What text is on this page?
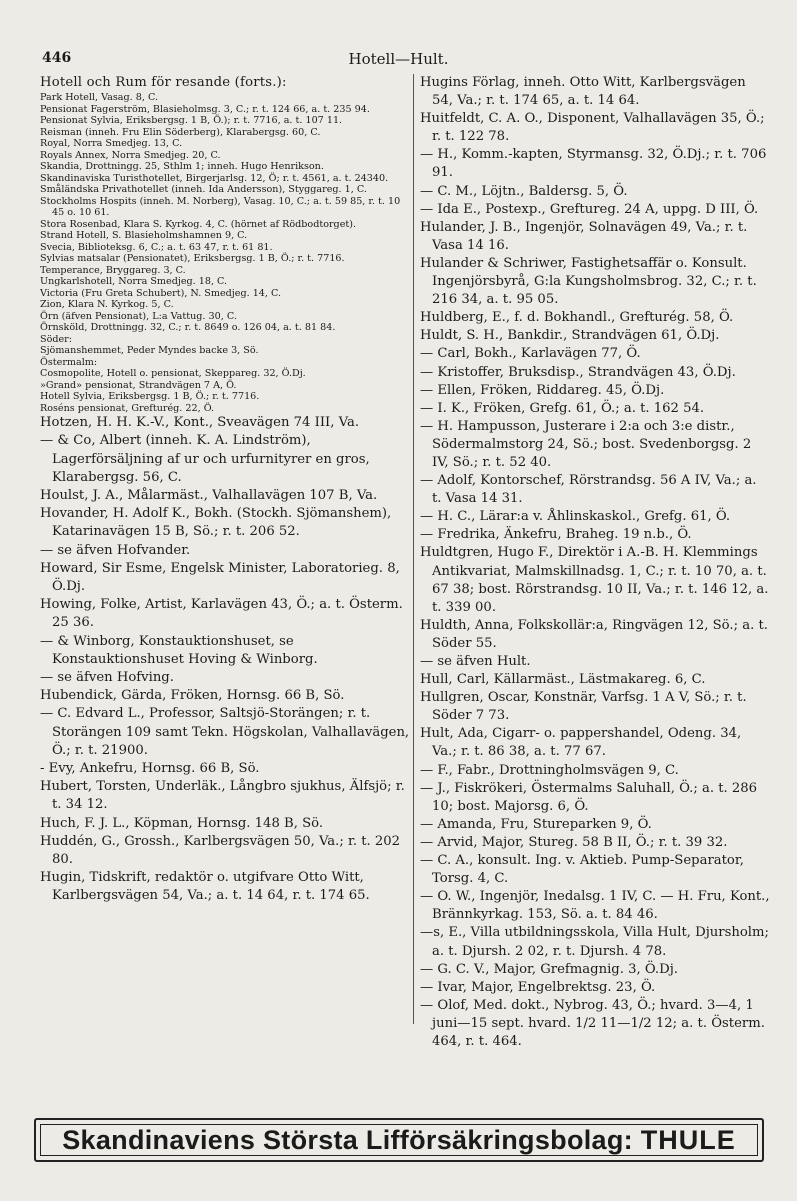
446	Hotell—Hult.

Hotell och Rum för resande (forts.):

Park Hotell, Vasag. 8, C.

Pensionat Fagerström, Blasieholmsg. 3, C.; r. t. 124 66, a. t. 235 94.

Pensionat Sylvia, Eriksbergsg. 1 B, Ö.); r. t. 7716, a. t. 107 11.

Reisman (inneh. Fru Elin Söderberg), Klarabergsg. 60, C.

Royal, Norra Smedjeg. 13, C.

Royals Annex, Norra Smedjeg. 20, C.

Skandia, Drottningg. 25, Sthlm 1; inneh. Hugo Henrikson.

Skandinaviska Turisthotellet, Birgerjarlsg. 12, Ö; r. t. 4561, a. t. 24340.

Småländska Privathotellet (inneh. Ida Andersson), Styggareg. 1, C.

Stockholms Hospits (inneh. M. Norberg), Vasag. 10, C.; a. t. 59 85, r. t. 10 45 o. 10 61.

Stora Rosenbad, Klara S. Kyrkog. 4, C. (hörnet af Rödbodtorget).

Strand Hotell, S. Blasieholmshamnen 9, C.

Svecia, Biblioteksg. 6, C.; a. t. 63 47, r. t. 61 81.

Sylvias matsalar (Pensionatet), Eriksbergsg. 1 B, Ö.; r. t. 7716.

Temperance, Bryggareg. 3, C.

Ungkarlshotell, Norra Smedjeg. 18, C.

Victoria (Fru Greta Schubert), N. Smedjeg. 14, C.

Zion, Klara N. Kyrkog. 5, C.

Örn (äfven Pensionat), L:a Vattug. 30, C.

Örnsköld, Drottningg. 32, C.; r. t. 8649 o. 126 04, a. t. 81 84.

Söder:

Sjömanshemmet, Peder Myndes backe 3, Sö.

Östermalm:

Cosmopolite, Hotell o. pensionat, Skeppareg. 32, Ö.Dj.

»Grand» pensionat, Strandvägen 7 A, Ö.

Hotell Sylvia, Eriksbergsg. 1 B, Ö.; r. t. 7716.

Roséns pensionat, Grefturég. 22, Ö.

Hotzen, H. H. K.-V., Kont., Sveavägen 74 III, Va.

— & Co, Albert (inneh. K. A. Lindström), Lagerförsäljning af ur och urfurnityrer en gros, Klarabergsg. 56, C.

Houlst, J. A., Målarmäst., Valhallavägen 107 B, Va.

Hovander, H. Adolf K., Bokh. (Stockh. Sjömanshem), Katarinavägen 15 B, Sö.; r. t. 206 52.

— se äfven Hofvander.

Howard, Sir Esme, Engelsk Minister, Laboratorieg. 8, Ö.Dj.

Howing, Folke, Artist, Karlavägen 43, Ö.; a. t. Österm. 25 36.

— & Winborg, Konstauktionshuset, se Konstauktionshuset Hoving & Winborg.

— se äfven Hofving.

Hubendick, Gärda, Fröken, Hornsg. 66 B, Sö.

— C. Edvard L., Professor, Saltsjö-Storängen; r. t. Storängen 109 samt Tekn. Högskolan, Valhallavägen, Ö.; r. t. 21900.

- Evy, Ankefru, Hornsg. 66 B, Sö.

Hubert, Torsten, Underläk., Långbro sjukhus, Älfsjö; r. t. 34 12.

Huch, F. J. L., Köpman, Hornsg. 148 B, Sö.

Huddén, G., Grossh., Karlbergsvägen 50, Va.; r. t. 202 80.

Hugin, Tidskrift, redaktör o. utgifvare Otto Witt, Karlbergsvägen 54, Va.; a. t. 14 64, r. t. 174 65.

Hugins Förlag, inneh. Otto Witt, Karlbergsvägen 54, Va.; r. t. 174 65, a. t. 14 64.

Huitfeldt, C. A. O., Disponent, Valhallavägen 35, Ö.; r. t. 122 78.

— H., Komm.-kapten, Styrmansg. 32, Ö.Dj.; r. t. 706 91.

— C. M., Löjtn., Baldersg. 5, Ö.

— Ida E., Postexp., Greftureg. 24 A, uppg. D III, Ö.

Hulander, J. B., Ingenjör, Solnavägen 49, Va.; r. t. Vasa 14 16.

Hulander & Schriwer, Fastighetsaffär o. Konsult. Ingenjörsbyrå, G:la Kungsholmsbrog. 32, C.; r. t. 216 34, a. t. 95 05.

Huldberg, E., f. d. Bokhandl., Grefturég. 58, Ö.

Huldt, S. H., Bankdir., Strandvägen 61, Ö.Dj.

— Carl, Bokh., Karlavägen 77, Ö.

— Kristoffer, Bruksdisp., Strandvägen 43, Ö.Dj.

— Ellen, Fröken, Riddareg. 45, Ö.Dj.

— I. K., Fröken, Grefg. 61, Ö.; a. t. 162 54.

— H. Hampusson, Justerare i 2:a och 3:e distr., Södermalmstorg 24, Sö.; bost. Svedenborgsg. 2 IV, Sö.; r. t. 52 40.

— Adolf, Kontorschef, Rörstrandsg. 56 A IV, Va.; a. t. Vasa 14 31.

— H. C., Lärar:a v. Åhlinskaskol., Grefg. 61, Ö.

— Fredrika, Änkefru, Braheg. 19 n.b., Ö.

Huldtgren, Hugo F., Direktör i A.-B. H. Klemmings Antikvariat, Malmskillnadsg. 1, C.; r. t. 10 70, a. t. 67 38; bost. Rörstrandsg. 10 II, Va.; r. t. 146 12, a. t. 339 00.

Huldth, Anna, Folkskollär:a, Ringvägen 12, Sö.; a. t. Söder 55.

— se äfven Hult.

Hull, Carl, Källarmäst., Lästmakareg. 6, C.

Hullgren, Oscar, Konstnär, Varfsg. 1 A V, Sö.; r. t. Söder 7 73.

Hult, Ada, Cigarr- o. pappershandel, Odeng. 34, Va.; r. t. 86 38, a. t. 77 67.

— F., Fabr., Drottningholmsvägen 9, C.

— J., Fiskrökeri, Östermalms Saluhall, Ö.; a. t. 286 10; bost. Majorsg. 6, Ö.

— Amanda, Fru, Stureparken 9, Ö.

— Arvid, Major, Stureg. 58 B II, Ö.; r. t. 39 32.

— C. A., konsult. Ing. v. Aktieb. Pump-Separator, Torsg. 4, C.

— O. W., Ingenjör, Inedalsg. 1 IV, C. — H. Fru, Kont., Brännkyrkag. 153, Sö. a. t. 84 46.

—s, E., Villa utbildningsskola, Villa Hult, Djursholm; a. t. Djursh. 2 02, r. t. Djursh. 4 78.

— G. C. V., Major, Grefmagnig. 3, Ö.Dj.

— Ivar, Major, Engelbrektsg. 23, Ö.

— Olof, Med. dokt., Nybrog. 43, Ö.; hvard. 3—4, 1 juni—15 sept. hvard. 1/2 11—1/2 12; a. t. Österm. 464, r. t. 464.

Skandinaviens Största Lifförsäkringsbolag: THULE
